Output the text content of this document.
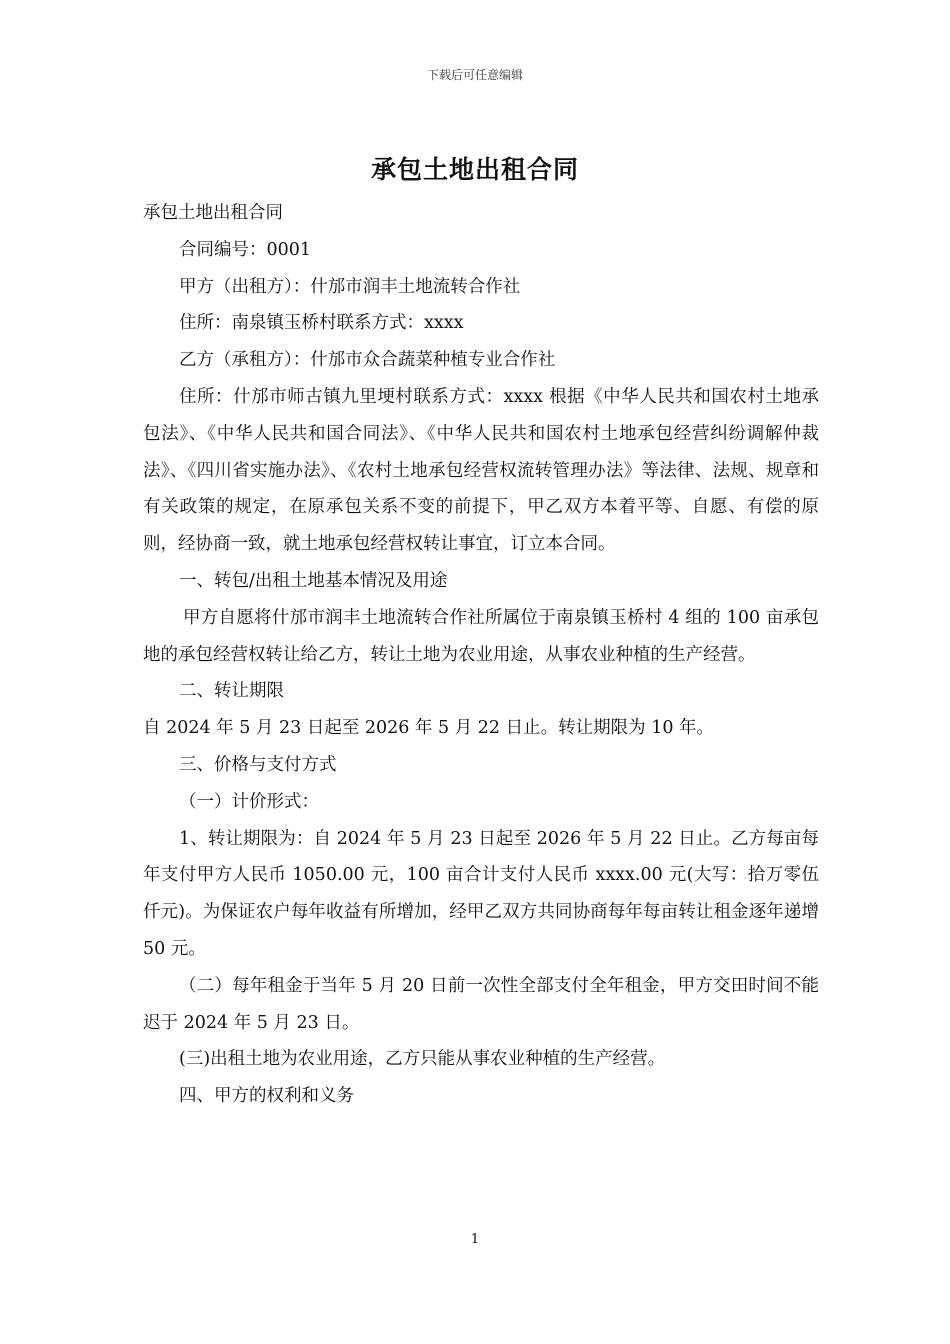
下载后可任意编辑
承包土地出租合同

承包土地出租合同

合同编号：0001

甲方（出租方）：什邡市润丰土地流转合作社

住所：南泉镇玉桥村联系方式：xxxx

乙方（承租方）：什邡市众合蔬菜种植专业合作社

住所：什邡市师古镇九里埂村联系方式：xxxx 根据《中华人民共和国农村土地承包法》、《中华人民共和国合同法》、《中华人民共和国农村土地承包经营纠纷调解仲裁法》、《四川省实施办法》、《农村土地承包经营权流转管理办法》等法律、法规、规章和有关政策的规定，在原承包关系不变的前提下，甲乙双方本着平等、自愿、有偿的原则，经协商一致，就土地承包经营权转让事宜，订立本合同。

一、转包/出租土地基本情况及用途

甲方自愿将什邡市润丰土地流转合作社所属位于南泉镇玉桥村 4 组的 100 亩承包地的承包经营权转让给乙方，转让土地为农业用途，从事农业种植的生产经营。

二、转让期限

自 2024 年 5 月 23 日起至 2026 年 5 月 22 日止。转让期限为 10 年。

三、价格与支付方式

（一）计价形式：

1、转让期限为：自 2024 年 5 月 23 日起至 2026 年 5 月 22 日止。乙方每亩每年支付甲方人民币 1050.00 元，100 亩合计支付人民币 xxxx.00 元(大写：拾万零伍仟元)。为保证农户每年收益有所增加，经甲乙双方共同协商每年每亩转让租金逐年递增 50 元。

（二）每年租金于当年 5 月 20 日前一次性全部支付全年租金，甲方交田时间不能迟于 2024 年 5 月 23 日。

(三)出租土地为农业用途，乙方只能从事农业种植的生产经营。

四、甲方的权利和义务

1
